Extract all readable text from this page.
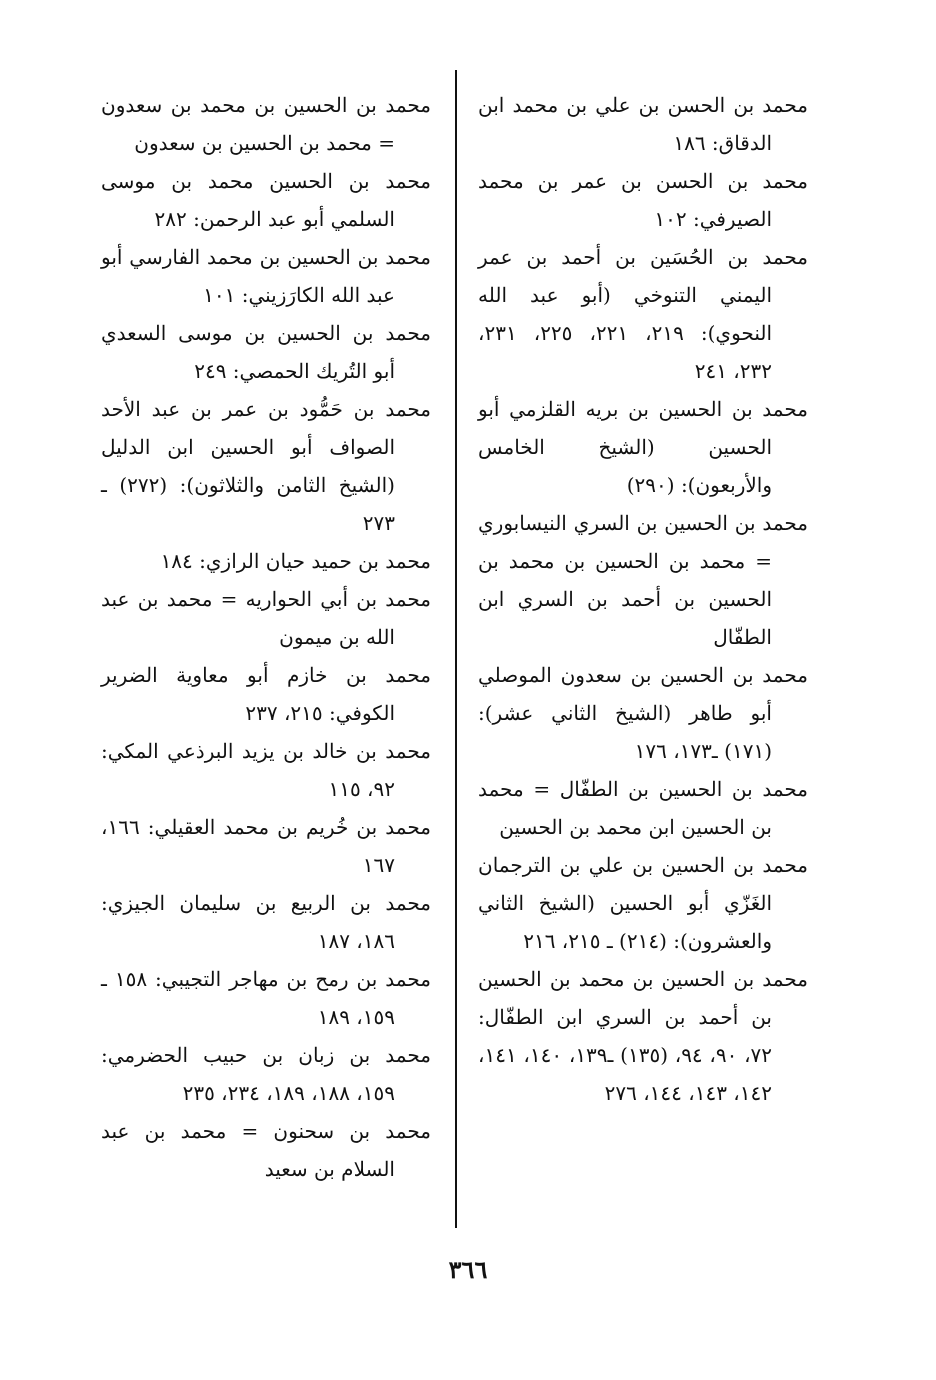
محمد بن الحسن بن علي بن محمد ابن الدقاق: ١٨٦

محمد بن الحسن بن عمر بن محمد الصيرفي: ١٠٢

محمد بن الحُسَين بن أحمد بن عمر اليمني التنوخي (أبو عبد الله النحوي): ٢١٩، ٢٢١، ٢٢٥، ٢٣١، ٢٣٢، ٢٤١

محمد بن الحسين بن بريه القلزمي أبو الحسين (الشيخ الخامس والأربعون): (٢٩٠)

محمد بن الحسين بن السري النيسابوري = محمد بن الحسين بن محمد بن الحسين بن أحمد بن السري ابن الطفّال

محمد بن الحسين بن سعدون الموصلي أبو طاهر (الشيخ الثاني عشر): (١٧١) ـ١٧٣، ١٧٦

محمد بن الحسين بن الطفّال = محمد بن الحسين ابن محمد بن الحسين

محمد بن الحسين بن علي بن الترجمان الغَزّي أبو الحسين (الشيخ الثاني والعشرون): (٢١٤) ـ ٢١٥، ٢١٦

محمد بن الحسين بن محمد بن الحسين بن أحمد بن السري ابن الطفّال: ٧٢، ٩٠، ٩٤، (١٣٥) ـ١٣٩، ١٤٠، ١٤١، ١٤٢، ١٤٣، ١٤٤، ٢٧٦

محمد بن الحسين بن محمد بن سعدون = محمد بن الحسين بن سعدون

محمد بن الحسين محمد بن موسى السلمي أبو عبد الرحمن: ٢٨٢

محمد بن الحسين بن محمد الفارسي أبو عبد الله الكارَزيني: ١٠١

محمد بن الحسين بن موسى السعدي أبو التُريك الحمصي: ٢٤٩

محمد بن حَمُّود بن عمر بن عبد الأحد الصواف أبو الحسين ابن الدليل (الشيخ الثامن والثلاثون): (٢٧٢) ـ ٢٧٣

محمد بن حميد حيان الرازي: ١٨٤

محمد بن أبي الحواريه = محمد بن عبد الله بن ميمون

محمد بن خازم أبو معاوية الضرير الكوفي: ٢١٥، ٢٣٧

محمد بن خالد بن يزيد البرذعي المكي: ٩٢، ١١٥

محمد بن خُريم بن محمد العقيلي: ١٦٦، ١٦٧

محمد بن الربيع بن سليمان الجيزي: ١٨٦، ١٨٧

محمد بن رمح بن مهاجر التجيبي: ١٥٨ ـ ١٥٩، ١٨٩

محمد بن زبان بن حبيب الحضرمي: ١٥٩، ١٨٨، ١٨٩، ٢٣٤، ٢٣٥

محمد بن سحنون = محمد بن عبد السلام بن سعيد

٣٦٦
